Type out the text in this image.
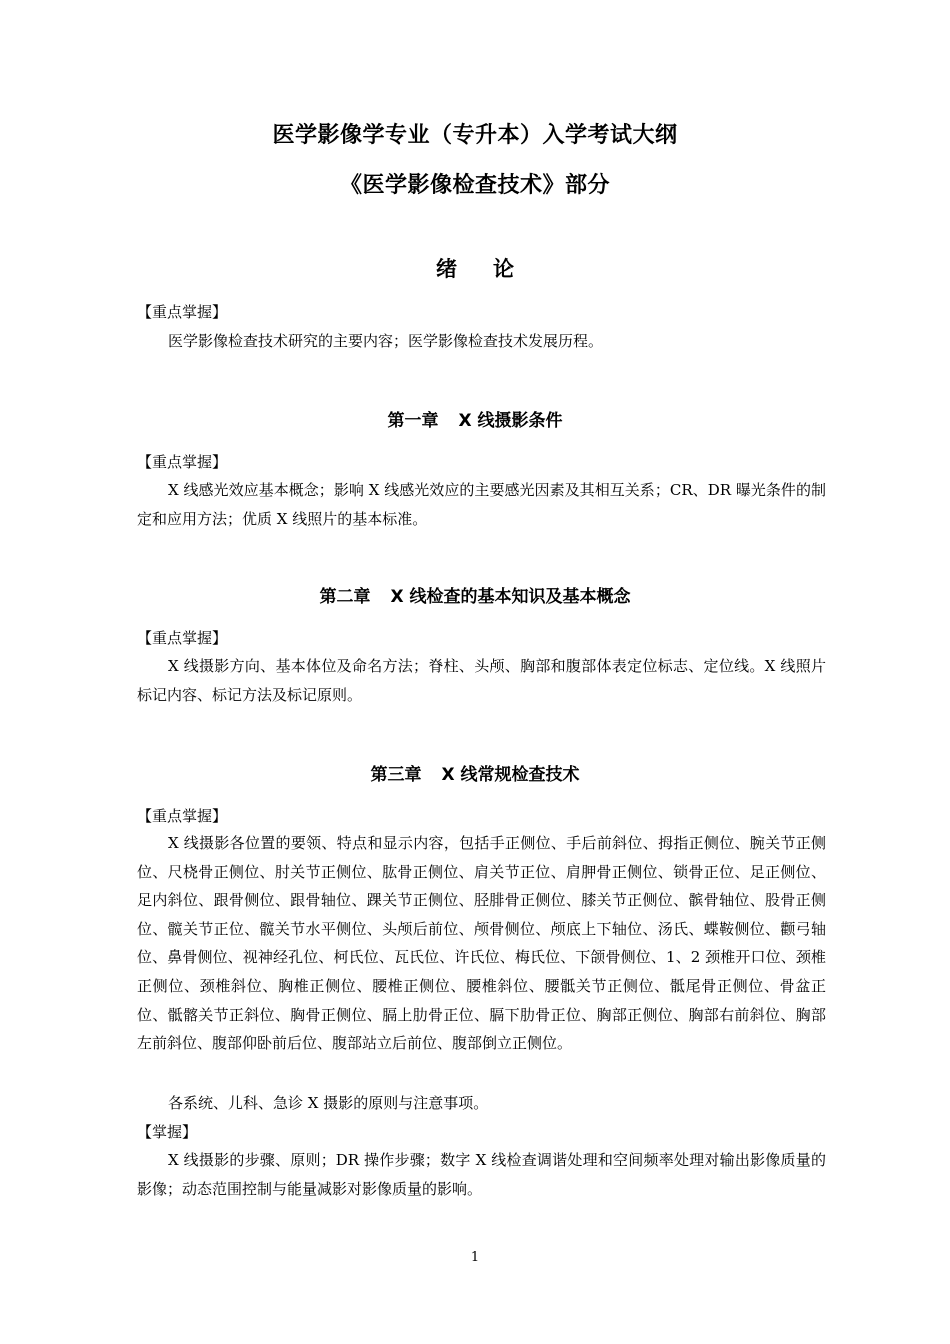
医学影像学专业（专升本）入学考试大纲
《医学影像检查技术》部分
绪论
【重点掌握】

医学影像检查技术研究的主要内容；医学影像检查技术发展历程。

第一章 X 线摄影条件
【重点掌握】

X 线感光效应基本概念；影响 X 线感光效应的主要感光因素及其相互关系；CR、DR 曝光条件的制定和应用方法；优质 X 线照片的基本标准。

第二章 X 线检查的基本知识及基本概念
【重点掌握】

X 线摄影方向、基本体位及命名方法；脊柱、头颅、胸部和腹部体表定位标志、定位线。X 线照片标记内容、标记方法及标记原则。

第三章 X 线常规检查技术
【重点掌握】

X 线摄影各位置的要领、特点和显示内容，包括手正侧位、手后前斜位、拇指正侧位、腕关节正侧位、尺桡骨正侧位、肘关节正侧位、肱骨正侧位、肩关节正位、肩胛骨正侧位、锁骨正位、足正侧位、足内斜位、跟骨侧位、跟骨轴位、踝关节正侧位、胫腓骨正侧位、膝关节正侧位、髌骨轴位、股骨正侧位、髋关节正位、髋关节水平侧位、头颅后前位、颅骨侧位、颅底上下轴位、汤氏、蝶鞍侧位、颧弓轴位、鼻骨侧位、视神经孔位、柯氏位、瓦氏位、许氏位、梅氏位、下颌骨侧位、1、2 颈椎开口位、颈椎正侧位、颈椎斜位、胸椎正侧位、腰椎正侧位、腰椎斜位、腰骶关节正侧位、骶尾骨正侧位、骨盆正位、骶髂关节正斜位、胸骨正侧位、膈上肋骨正位、膈下肋骨正位、胸部正侧位、胸部右前斜位、胸部左前斜位、腹部仰卧前后位、腹部站立后前位、腹部倒立正侧位。

各系统、儿科、急诊 X 摄影的原则与注意事项。

【掌握】

X 线摄影的步骤、原则；DR 操作步骤；数字 X 线检查调谐处理和空间频率处理对输出影像质量的影像；动态范围控制与能量减影对影像质量的影响。

1
